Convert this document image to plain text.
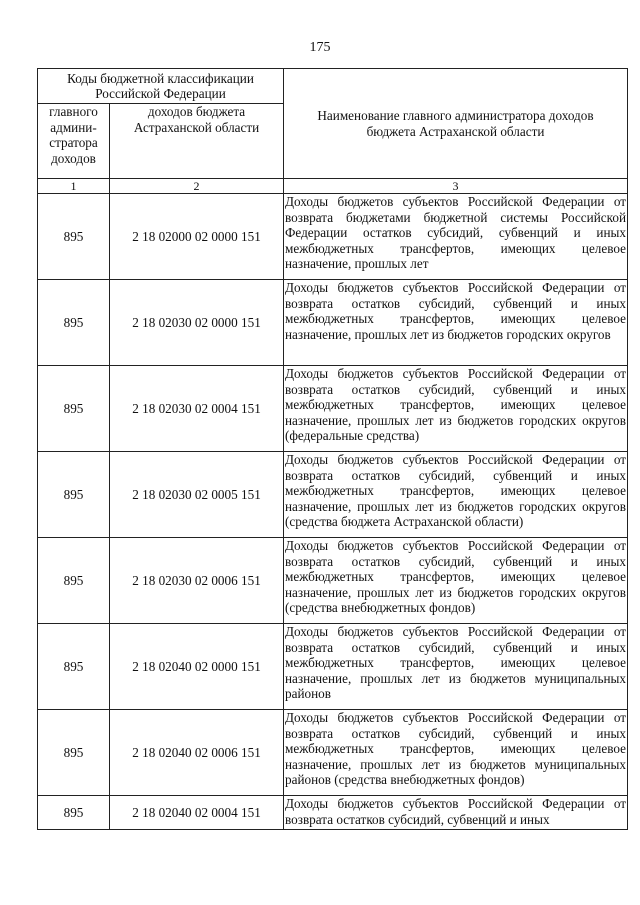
175
Коды бюджетной классификации Российской Федерации		Наименование главного администратора доходов бюджета Астраханской области
главного админи-стратора доходов	доходов бюджета Астраханской области	
1	2	3
895	2 18 02000 02 0000 151	Доходы бюджетов субъектов Российской Федерации от возврата бюджетами бюджетной системы Российской Федерации остатков субсидий, субвенций и иных межбюджетных трансфертов, имеющих целевое назначение, прошлых лет
895	2 18 02030 02 0000 151	Доходы бюджетов субъектов Российской Федерации от возврата остатков субсидий, субвенций и иных межбюджетных трансфертов, имеющих целевое назначение, прошлых лет из бюджетов городских округов
895	2 18 02030 02 0004 151	Доходы бюджетов субъектов Российской Федерации от возврата остатков субсидий, субвенций и иных межбюджетных трансфертов, имеющих целевое назначение, прошлых лет из бюджетов городских округов (федеральные средства)
895	2 18 02030 02 0005 151	Доходы бюджетов субъектов Российской Федерации от возврата остатков субсидий, субвенций и иных межбюджетных трансфертов, имеющих целевое назначение, прошлых лет из бюджетов городских округов (средства бюджета Астраханской области)
895	2 18 02030 02 0006 151	Доходы бюджетов субъектов Российской Федерации от возврата остатков субсидий, субвенций и иных межбюджетных трансфертов, имеющих целевое назначение, прошлых лет из бюджетов городских округов (средства внебюджетных фондов)
895	2 18 02040 02 0000 151	Доходы бюджетов субъектов Российской Федерации от возврата остатков субсидий, субвенций и иных межбюджетных трансфертов, имеющих целевое назначение, прошлых лет из бюджетов муниципальных районов
895	2 18 02040 02 0006 151	Доходы бюджетов субъектов Российской Федерации от возврата остатков субсидий, субвенций и иных межбюджетных трансфертов, имеющих целевое назначение, прошлых лет из бюджетов муниципальных районов (средства внебюджетных фондов)
895	2 18 02040 02 0004 151	Доходы бюджетов субъектов Российской Федерации от возврата остатков субсидий, субвенций и иных
